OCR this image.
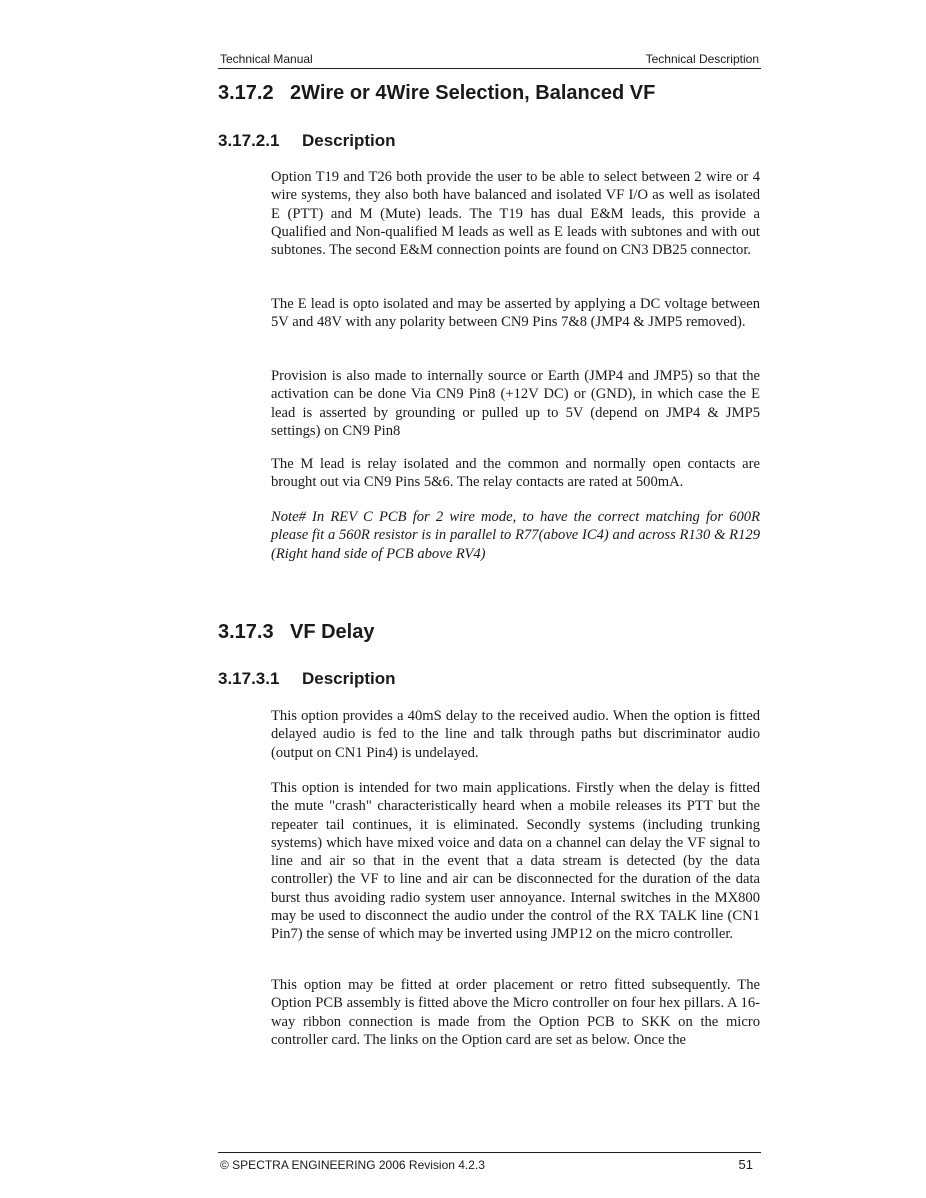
Technical Manual	Technical Description
3.17.2 2Wire or 4Wire Selection, Balanced VF
3.17.2.1 Description

Option T19 and T26 both provide the user to be able to select between 2 wire or 4 wire systems, they also both have balanced and isolated VF I/O as well as isolated E (PTT) and M (Mute) leads. The T19 has dual E&M leads, this provide a Qualified and Non-qualified M leads as well as E leads with subtones and with out subtones. The second E&M connection points are found on CN3 DB25 connector.

The E lead is opto isolated and may be asserted by applying a DC voltage between 5V and 48V with any polarity between CN9 Pins 7&8 (JMP4 & JMP5 removed).

Provision is also made to internally source or Earth (JMP4 and JMP5) so that the activation can be done Via CN9 Pin8 (+12V DC) or (GND), in which case the E lead is asserted by grounding or pulled up to 5V (depend on JMP4 & JMP5 settings) on CN9 Pin8

The M lead is relay isolated and the common and normally open contacts are brought out via CN9 Pins 5&6. The relay contacts are rated at 500mA.

Note# In REV C PCB for 2 wire mode, to have the correct matching for 600R please fit a 560R resistor is in parallel to R77(above IC4) and across R130 & R129 (Right hand side of PCB above RV4)

3.17.3 VF Delay
3.17.3.1 Description

This option provides a 40mS delay to the received audio. When the option is fitted delayed audio is fed to the line and talk through paths but discriminator audio (output on CN1 Pin4) is undelayed.

This option is intended for two main applications. Firstly when the delay is fitted the mute "crash" characteristically heard when a mobile releases its PTT but the repeater tail continues, it is eliminated. Secondly systems (including trunking systems) which have mixed voice and data on a channel can delay the VF signal to line and air so that in the event that a data stream is detected (by the data controller) the VF to line and air can be disconnected for the duration of the data burst thus avoiding radio system user annoyance. Internal switches in the MX800 may be used to disconnect the audio under the control of the RX TALK line (CN1 Pin7) the sense of which may be inverted using JMP12 on the micro controller.

This option may be fitted at order placement or retro fitted subsequently. The Option PCB assembly is fitted above the Micro controller on four hex pillars. A 16-way ribbon connection is made from the Option PCB to SKK on the micro controller card. The links on the Option card are set as below. Once the

© SPECTRA ENGINEERING 2006 Revision 4.2.3	51
